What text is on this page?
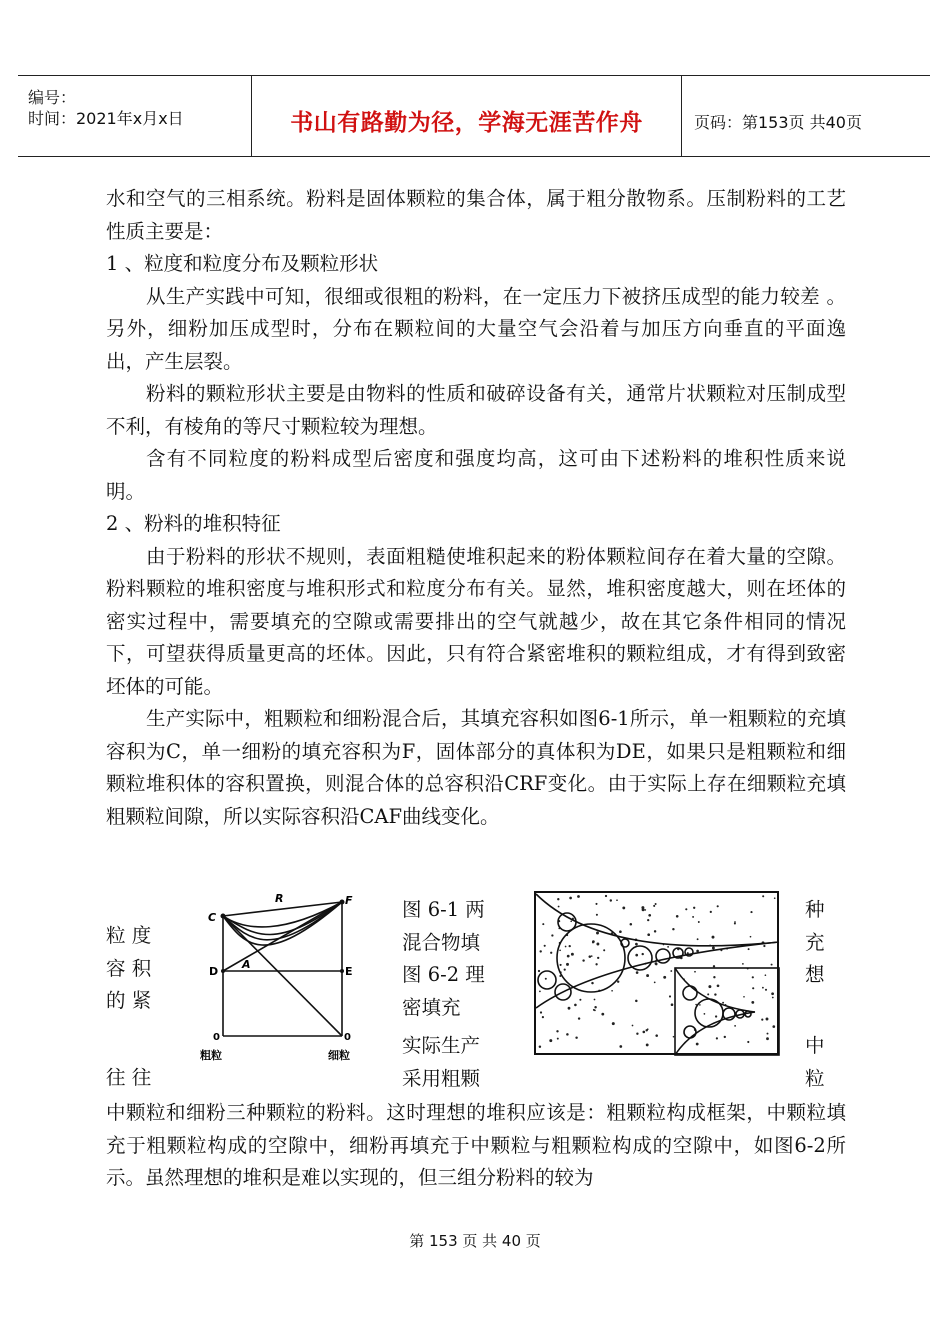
编号：
时间：2021年x月x日	书山有路勤为径，学海无涯苦作舟	页码：第153页 共40页

水和空气的三相系统。粉料是固体颗粒的集合体，属于粗分散物系。压制粉料的工艺性质主要是：

1 、粒度和粒度分布及颗粒形状

从生产实践中可知，很细或很粗的粉料，在一定压力下被挤压成型的能力较差 。另外，细粉加压成型时，分布在颗粒间的大量空气会沿着与加压方向垂直的平面逸出，产生层裂。

粉料的颗粒形状主要是由物料的性质和破碎设备有关，通常片状颗粒对压制成型不利，有棱角的等尺寸颗粒较为理想。

含有不同粒度的粉料成型后密度和强度均高，这可由下述粉料的堆积性质来说明。

2 、粉料的堆积特征

由于粉料的形状不规则，表面粗糙使堆积起来的粉体颗粒间存在着大量的空隙。粉料颗粒的堆积密度与堆积形式和粒度分布有关。显然，堆积密度越大，则在坯体的密实过程中，需要填充的空隙或需要排出的空气就越少，故在其它条件相同的情况下，可望获得质量更高的坯体。因此，只有符合紧密堆积的颗粒组成，才有得到致密坯体的可能。

生产实际中，粗颗粒和细粉混合后，其填充容积如图6-1所示，单一粗颗粒的充填容积为C，单一细粉的填充容积为F，固体部分的真体积为DE，如果只是粗颗粒和细颗粒堆积体的容积置换，则混合体的总容积沿CRF变化。由于实际上存在细颗粒充填粗颗粒间隙，所以实际容积沿CAF曲线变化。

粒 度
容 积
的 紧
往 往
图 6-1 两
混合物填
图 6-2 理
密填充
实际生产
采用粗颗
种
充
想
中
粒
R	F
C
A
D	E
0	0
粗粒	细粒

中颗粒和细粉三种颗粒的粉料。这时理想的堆积应该是：粗颗粒构成框架，中颗粒填充于粗颗粒构成的空隙中，细粉再填充于中颗粒与粗颗粒构成的空隙中，如图6-2所示。虽然理想的堆积是难以实现的，但三组分粉料的较为

第 153 页 共 40 页
